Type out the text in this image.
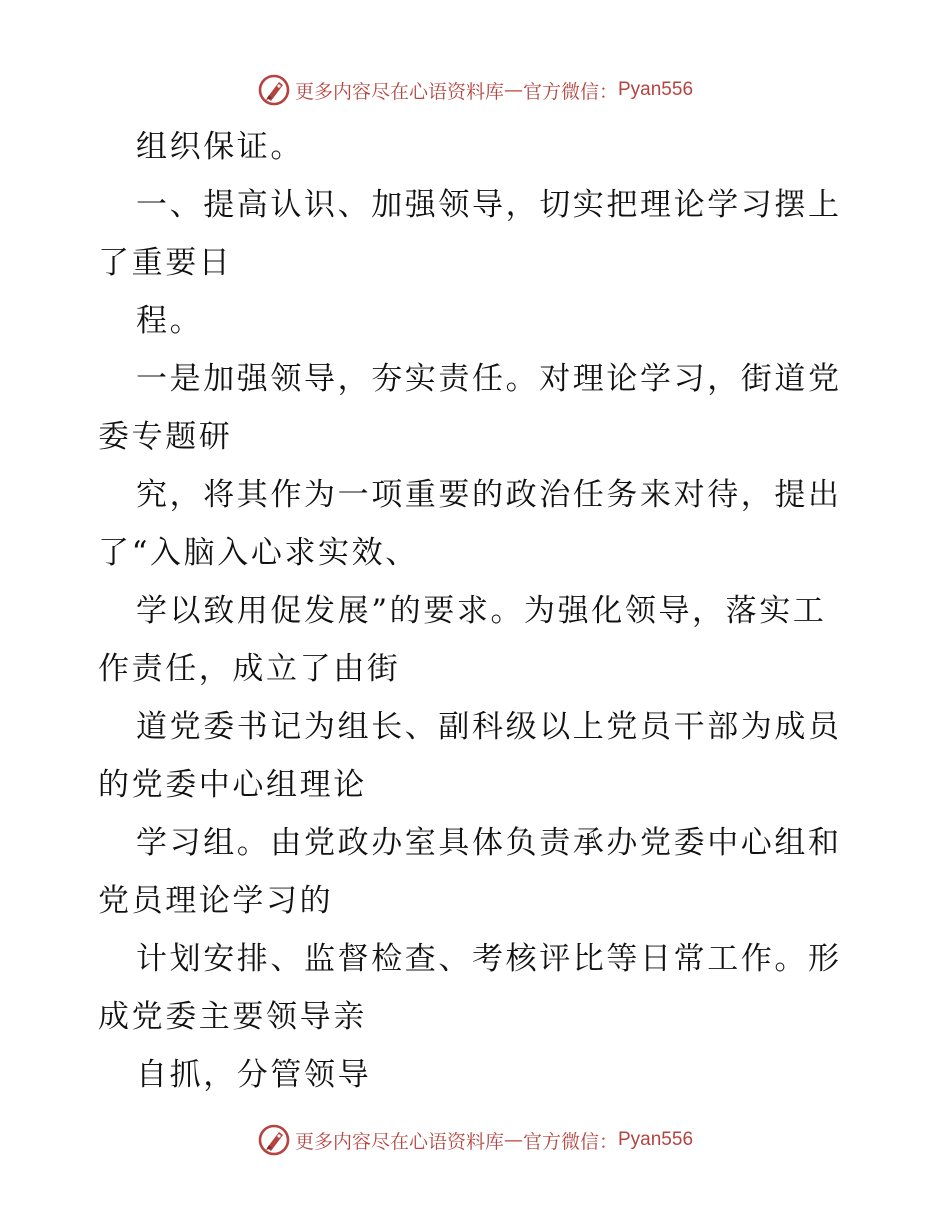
更多内容尽在心语资料库 — 官方微信： Pyan556
组织保证。
一、提高认识、加强领导，切实把理论学习摆上
了重要日
程。
一是加强领导，夯实责任。对理论学习，街道党
委专题研
究，将其作为一项重要的政治任务来对待，提出
了“入脑入心求实效、
学以致用促发展”的要求。为强化领导，落实工
作责任，成立了由街
道党委书记为组长、副科级以上党员干部为成员
的党委中心组理论
学习组。由党政办室具体负责承办党委中心组和
党员理论学习的
计划安排、监督检查、考核评比等日常工作。形
成党委主要领导亲
自抓，分管领导
更多内容尽在心语资料库 — 官方微信： Pyan556
